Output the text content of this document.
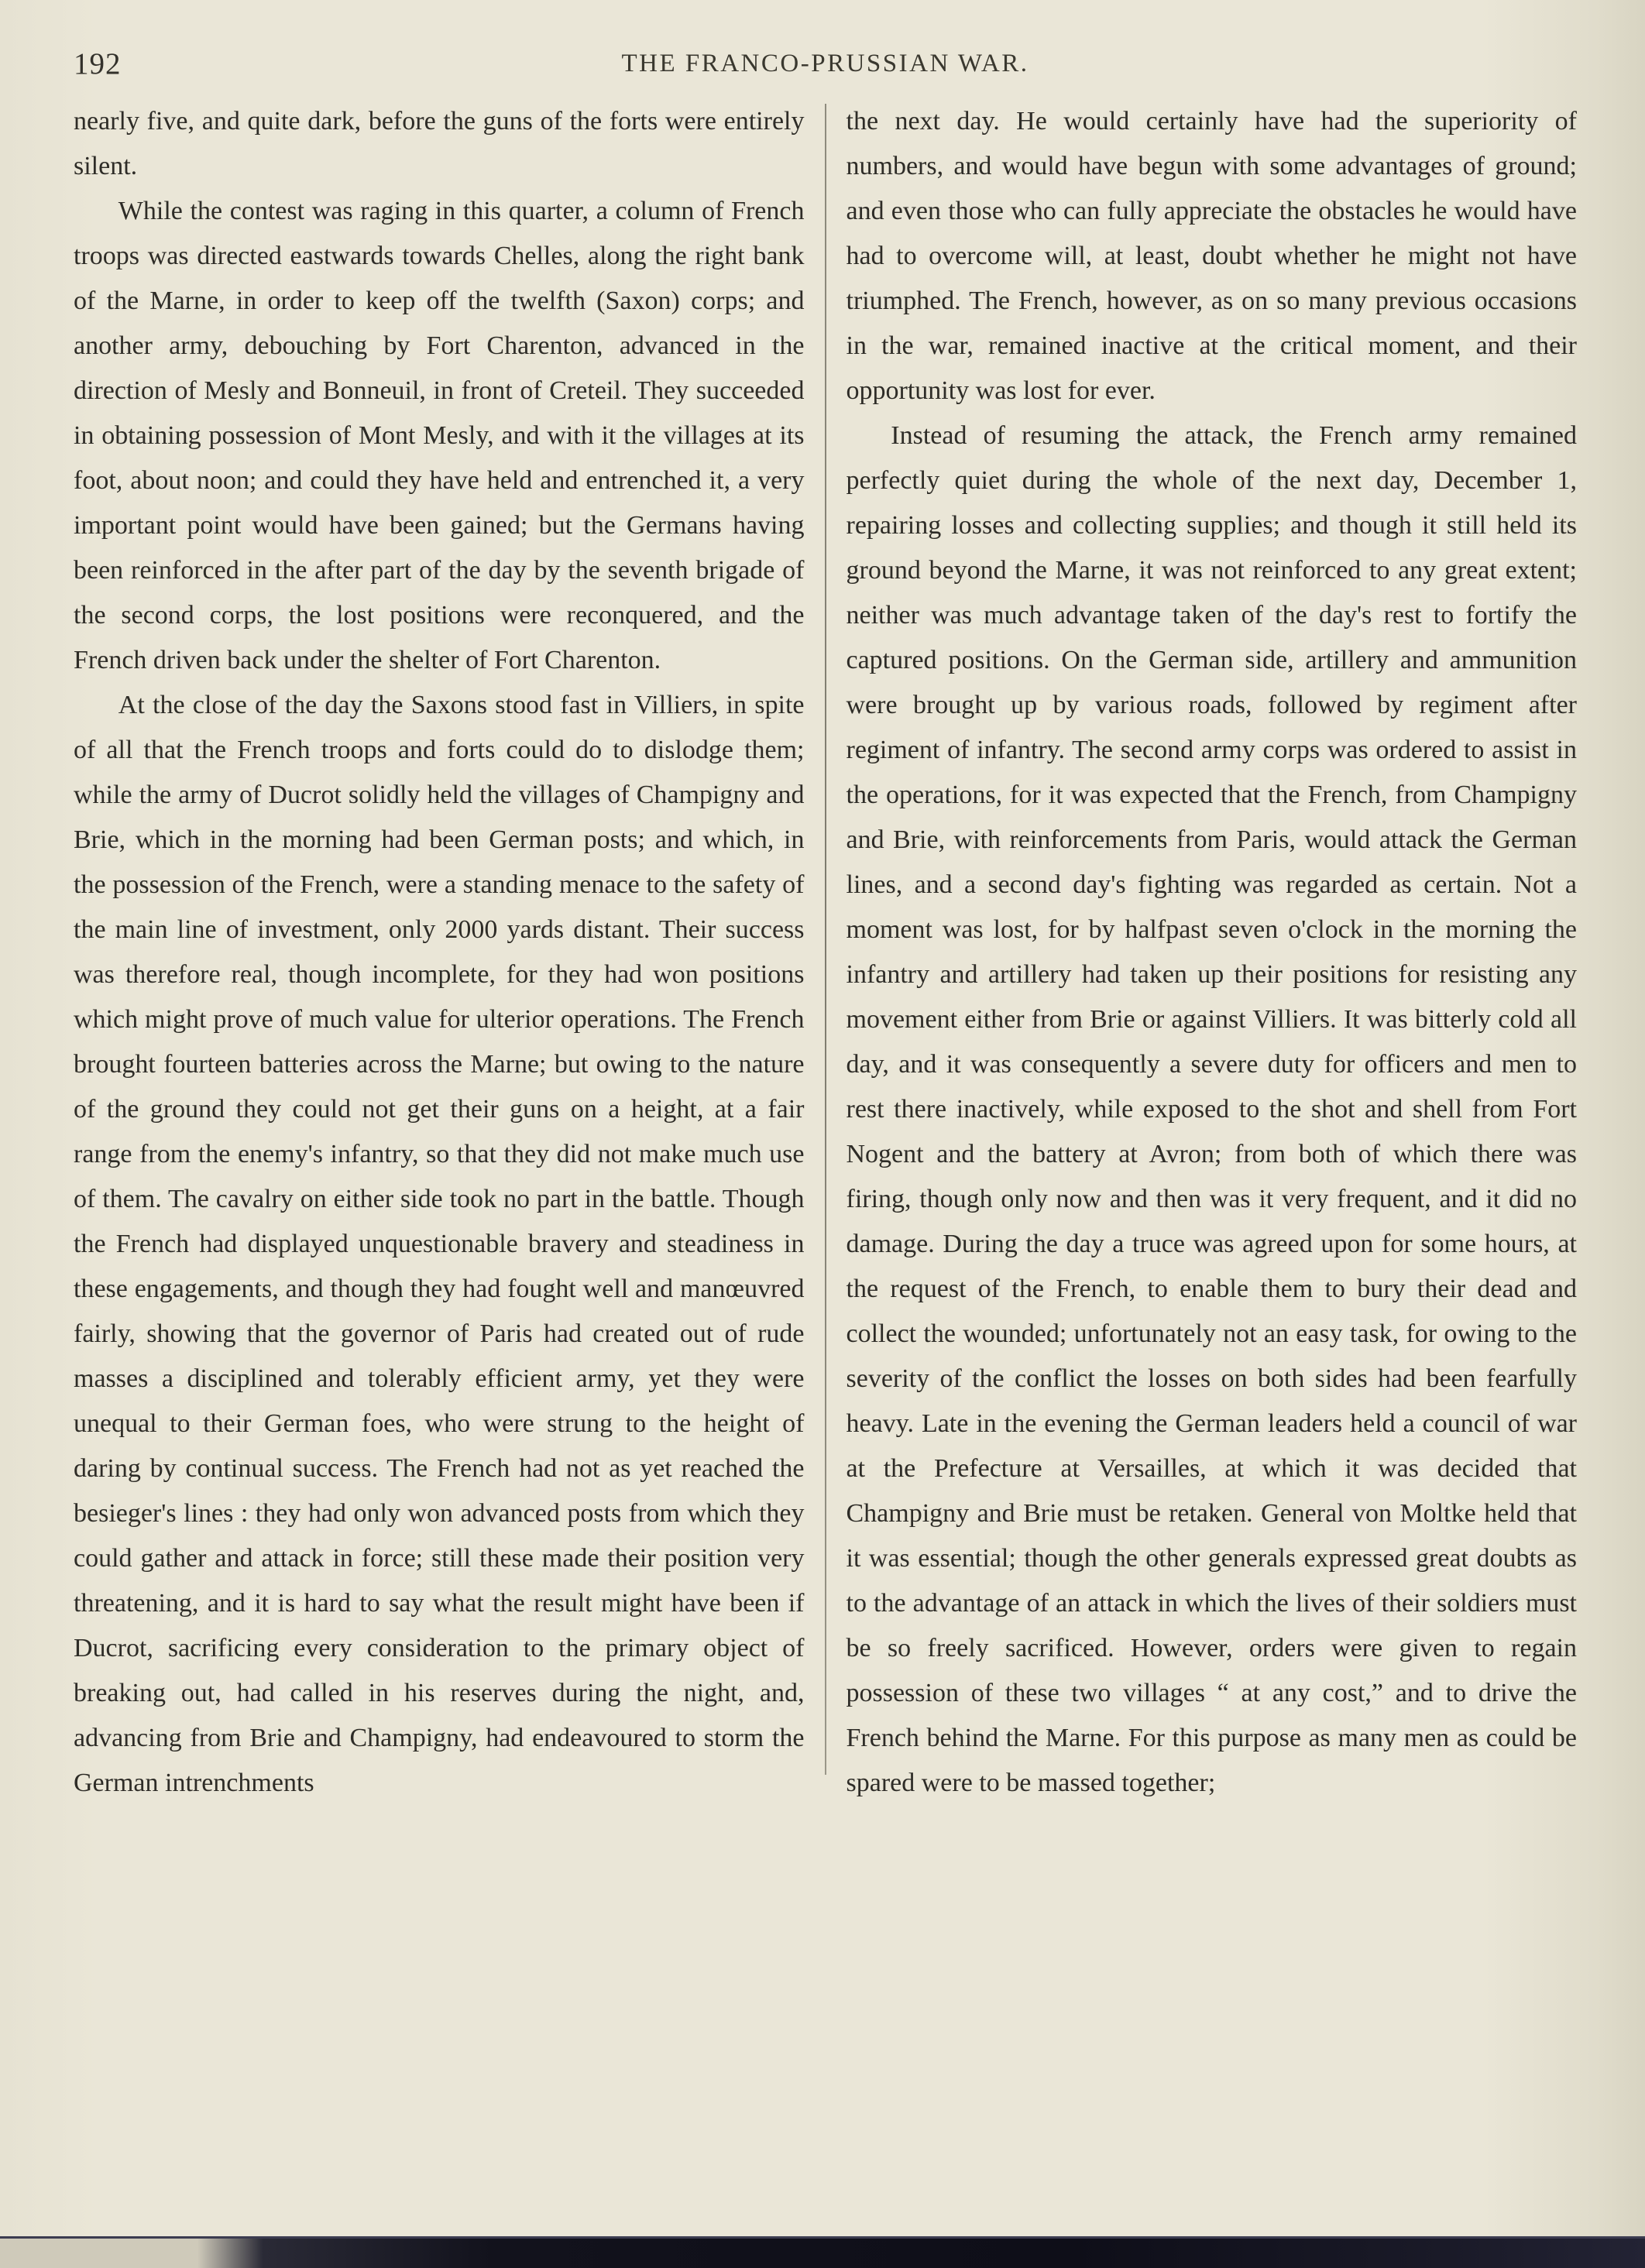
192	THE FRANCO-PRUSSIAN WAR.

nearly five, and quite dark, before the guns of the forts were entirely silent.

While the contest was raging in this quarter, a column of French troops was directed eastwards towards Chelles, along the right bank of the Marne, in order to keep off the twelfth (Saxon) corps; and another army, debouching by Fort Charenton, advanced in the direction of Mesly and Bonneuil, in front of Creteil. They succeeded in obtaining possession of Mont Mesly, and with it the villages at its foot, about noon; and could they have held and entrenched it, a very important point would have been gained; but the Germans having been reinforced in the after part of the day by the seventh brigade of the second corps, the lost positions were reconquered, and the French driven back under the shelter of Fort Charenton.

At the close of the day the Saxons stood fast in Villiers, in spite of all that the French troops and forts could do to dislodge them; while the army of Ducrot solidly held the villages of Champigny and Brie, which in the morning had been German posts; and which, in the possession of the French, were a standing menace to the safety of the main line of investment, only 2000 yards distant. Their success was therefore real, though incomplete, for they had won positions which might prove of much value for ulterior operations. The French brought fourteen batteries across the Marne; but owing to the nature of the ground they could not get their guns on a height, at a fair range from the enemy's infantry, so that they did not make much use of them. The cavalry on either side took no part in the battle. Though the French had displayed unquestionable bravery and steadiness in these engagements, and though they had fought well and manœuvred fairly, showing that the governor of Paris had created out of rude masses a disciplined and tolerably efficient army, yet they were unequal to their German foes, who were strung to the height of daring by continual success. The French had not as yet reached the besieger's lines : they had only won advanced posts from which they could gather and attack in force; still these made their position very threatening, and it is hard to say what the result might have been if Ducrot, sacrificing every consideration to the primary object of breaking out, had called in his reserves during the night, and, advancing from Brie and Champigny, had endeavoured to storm the German intrenchments

the next day. He would certainly have had the superiority of numbers, and would have begun with some advantages of ground; and even those who can fully appreciate the obstacles he would have had to overcome will, at least, doubt whether he might not have triumphed. The French, however, as on so many previous occasions in the war, remained inactive at the critical moment, and their opportunity was lost for ever.

Instead of resuming the attack, the French army remained perfectly quiet during the whole of the next day, December 1, repairing losses and collecting supplies; and though it still held its ground beyond the Marne, it was not reinforced to any great extent; neither was much advantage taken of the day's rest to fortify the captured positions. On the German side, artillery and ammunition were brought up by various roads, followed by regiment after regiment of infantry. The second army corps was ordered to assist in the operations, for it was expected that the French, from Champigny and Brie, with reinforcements from Paris, would attack the German lines, and a second day's fighting was regarded as certain. Not a moment was lost, for by halfpast seven o'clock in the morning the infantry and artillery had taken up their positions for resisting any movement either from Brie or against Villiers. It was bitterly cold all day, and it was consequently a severe duty for officers and men to rest there inactively, while exposed to the shot and shell from Fort Nogent and the battery at Avron; from both of which there was firing, though only now and then was it very frequent, and it did no damage. During the day a truce was agreed upon for some hours, at the request of the French, to enable them to bury their dead and collect the wounded; unfortunately not an easy task, for owing to the severity of the conflict the losses on both sides had been fearfully heavy. Late in the evening the German leaders held a council of war at the Prefecture at Versailles, at which it was decided that Champigny and Brie must be retaken. General von Moltke held that it was essential; though the other generals expressed great doubts as to the advantage of an attack in which the lives of their soldiers must be so freely sacrificed. However, orders were given to regain possession of these two villages “ at any cost,” and to drive the French behind the Marne. For this purpose as many men as could be spared were to be massed together;
